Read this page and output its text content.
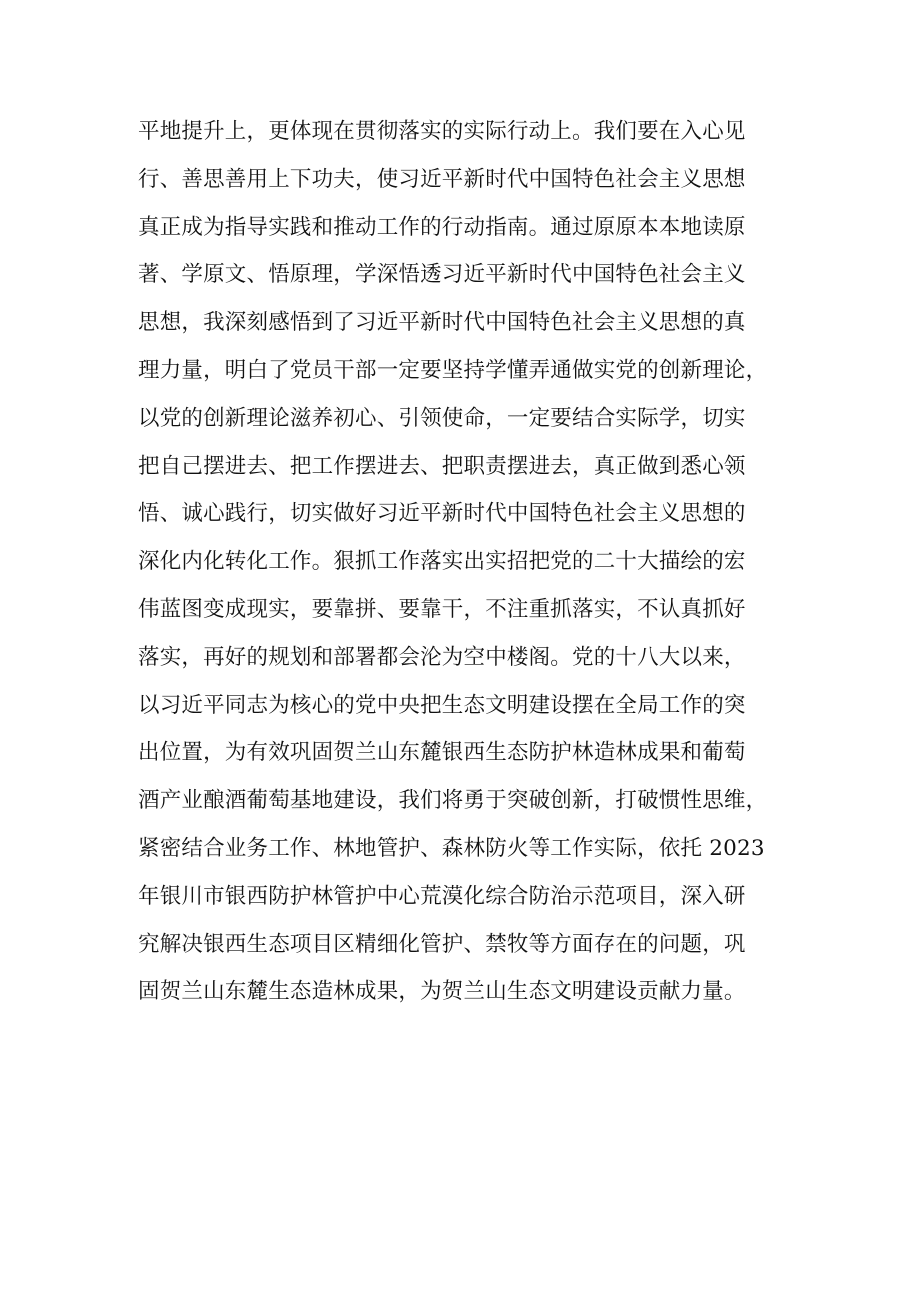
平地提升上，更体现在贯彻落实的实际行动上。我们要在入心见
行、善思善用上下功夫，使习近平新时代中国特色社会主义思想
真正成为指导实践和推动工作的行动指南。通过原原本本地读原
著、学原文、悟原理，学深悟透习近平新时代中国特色社会主义
思想，我深刻感悟到了习近平新时代中国特色社会主义思想的真
理力量，明白了党员干部一定要坚持学懂弄通做实党的创新理论，
以党的创新理论滋养初心、引领使命，一定要结合实际学，切实
把自己摆进去、把工作摆进去、把职责摆进去，真正做到悉心领
悟、诚心践行，切实做好习近平新时代中国特色社会主义思想的
深化内化转化工作。狠抓工作落实出实招把党的二十大描绘的宏
伟蓝图变成现实，要靠拼、要靠干，不注重抓落实，不认真抓好
落实，再好的规划和部署都会沦为空中楼阁。党的十八大以来，
以习近平同志为核心的党中央把生态文明建设摆在全局工作的突
出位置，为有效巩固贺兰山东麓银西生态防护林造林成果和葡萄
酒产业酿酒葡萄基地建设，我们将勇于突破创新，打破惯性思维，
紧密结合业务工作、林地管护、森林防火等工作实际，依托 2023
年银川市银西防护林管护中心荒漠化综合防治示范项目，深入研
究解决银西生态项目区精细化管护、禁牧等方面存在的问题，巩
固贺兰山东麓生态造林成果，为贺兰山生态文明建设贡献力量。
